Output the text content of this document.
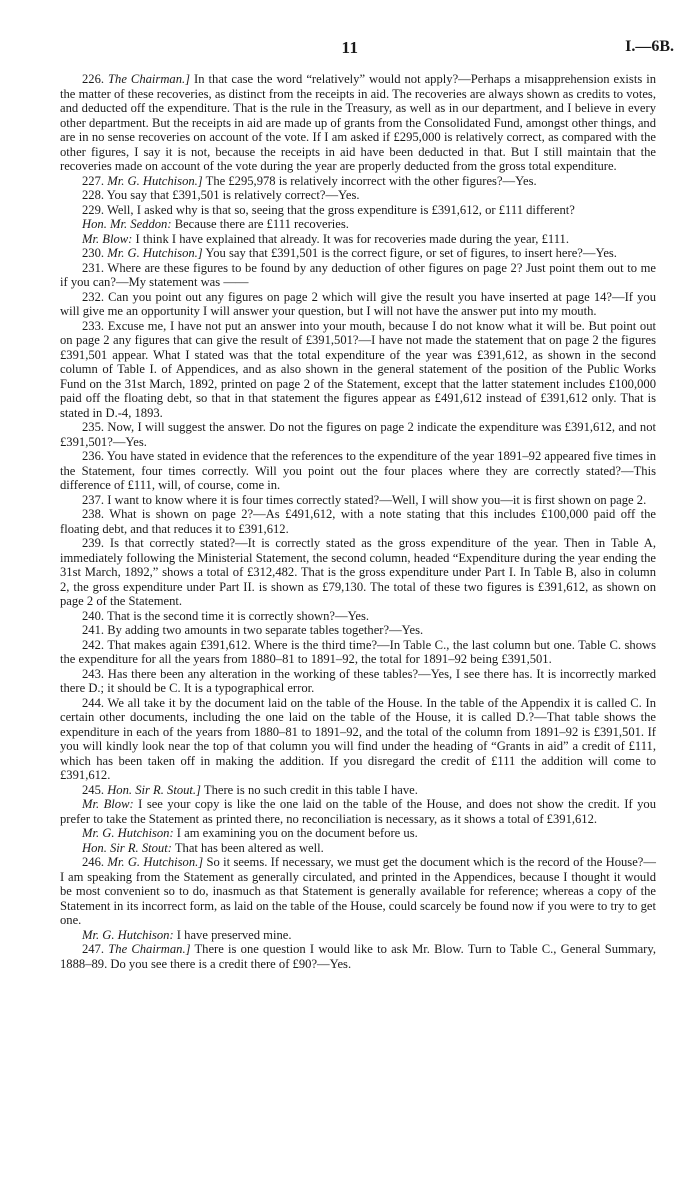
11	I.—6B.

226. The Chairman.] In that case the word “relatively” would not apply?—Perhaps a misapprehension exists in the matter of these recoveries, as distinct from the receipts in aid. The recoveries are always shown as credits to votes, and deducted off the expenditure. That is the rule in the Treasury, as well as in our department, and I believe in every other department. But the receipts in aid are made up of grants from the Consolidated Fund, amongst other things, and are in no sense recoveries on account of the vote. If I am asked if £295,000 is relatively correct, as compared with the other figures, I say it is not, because the receipts in aid have been deducted in that. But I still maintain that the recoveries made on account of the vote during the year are properly deducted from the gross total expenditure.

227. Mr. G. Hutchison.] The £295,978 is relatively incorrect with the other figures?—Yes.

228. You say that £391,501 is relatively correct?—Yes.

229. Well, I asked why is that so, seeing that the gross expenditure is £391,612, or £111 different?

Hon. Mr. Seddon: Because there are £111 recoveries.

Mr. Blow: I think I have explained that already. It was for recoveries made during the year, £111.

230. Mr. G. Hutchison.] You say that £391,501 is the correct figure, or set of figures, to insert here?—Yes.

231. Where are these figures to be found by any deduction of other figures on page 2? Just point them out to me if you can?—My statement was ——

232. Can you point out any figures on page 2 which will give the result you have inserted at page 14?—If you will give me an opportunity I will answer your question, but I will not have the answer put into my mouth.

233. Excuse me, I have not put an answer into your mouth, because I do not know what it will be. But point out on page 2 any figures that can give the result of £391,501?—I have not made the statement that on page 2 the figures £391,501 appear. What I stated was that the total expenditure of the year was £391,612, as shown in the second column of Table I. of Appendices, and as also shown in the general statement of the position of the Public Works Fund on the 31st March, 1892, printed on page 2 of the Statement, except that the latter statement includes £100,000 paid off the floating debt, so that in that statement the figures appear as £491,612 instead of £391,612 only. That is stated in D.-4, 1893.

235. Now, I will suggest the answer. Do not the figures on page 2 indicate the expenditure was £391,612, and not £391,501?—Yes.

236. You have stated in evidence that the references to the expenditure of the year 1891–92 appeared five times in the Statement, four times correctly. Will you point out the four places where they are correctly stated?—This difference of £111, will, of course, come in.

237. I want to know where it is four times correctly stated?—Well, I will show you—it is first shown on page 2.

238. What is shown on page 2?—As £491,612, with a note stating that this includes £100,000 paid off the floating debt, and that reduces it to £391,612.

239. Is that correctly stated?—It is correctly stated as the gross expenditure of the year. Then in Table A, immediately following the Ministerial Statement, the second column, headed “Expenditure during the year ending the 31st March, 1892,” shows a total of £312,482. That is the gross expenditure under Part I. In Table B, also in column 2, the gross expenditure under Part II. is shown as £79,130. The total of these two figures is £391,612, as shown on page 2 of the Statement.

240. That is the second time it is correctly shown?—Yes.

241. By adding two amounts in two separate tables together?—Yes.

242. That makes again £391,612. Where is the third time?—In Table C., the last column but one. Table C. shows the expenditure for all the years from 1880–81 to 1891–92, the total for 1891–92 being £391,501.

243. Has there been any alteration in the working of these tables?—Yes, I see there has. It is incorrectly marked there D.; it should be C. It is a typographical error.

244. We all take it by the document laid on the table of the House. In the table of the Appendix it is called C. In certain other documents, including the one laid on the table of the House, it is called D.?—That table shows the expenditure in each of the years from 1880–81 to 1891–92, and the total of the column from 1891–92 is £391,501. If you will kindly look near the top of that column you will find under the heading of “Grants in aid” a credit of £111, which has been taken off in making the addition. If you disregard the credit of £111 the addition will come to £391,612.

245. Hon. Sir R. Stout.] There is no such credit in this table I have.

Mr. Blow: I see your copy is like the one laid on the table of the House, and does not show the credit. If you prefer to take the Statement as printed there, no reconciliation is necessary, as it shows a total of £391,612.

Mr. G. Hutchison: I am examining you on the document before us.

Hon. Sir R. Stout: That has been altered as well.

246. Mr. G. Hutchison.] So it seems. If necessary, we must get the document which is the record of the House?—I am speaking from the Statement as generally circulated, and printed in the Appendices, because I thought it would be most convenient so to do, inasmuch as that Statement is generally available for reference; whereas a copy of the Statement in its incorrect form, as laid on the table of the House, could scarcely be found now if you were to try to get one.

Mr. G. Hutchison: I have preserved mine.

247. The Chairman.] There is one question I would like to ask Mr. Blow. Turn to Table C., General Summary, 1888–89. Do you see there is a credit there of £90?—Yes.
